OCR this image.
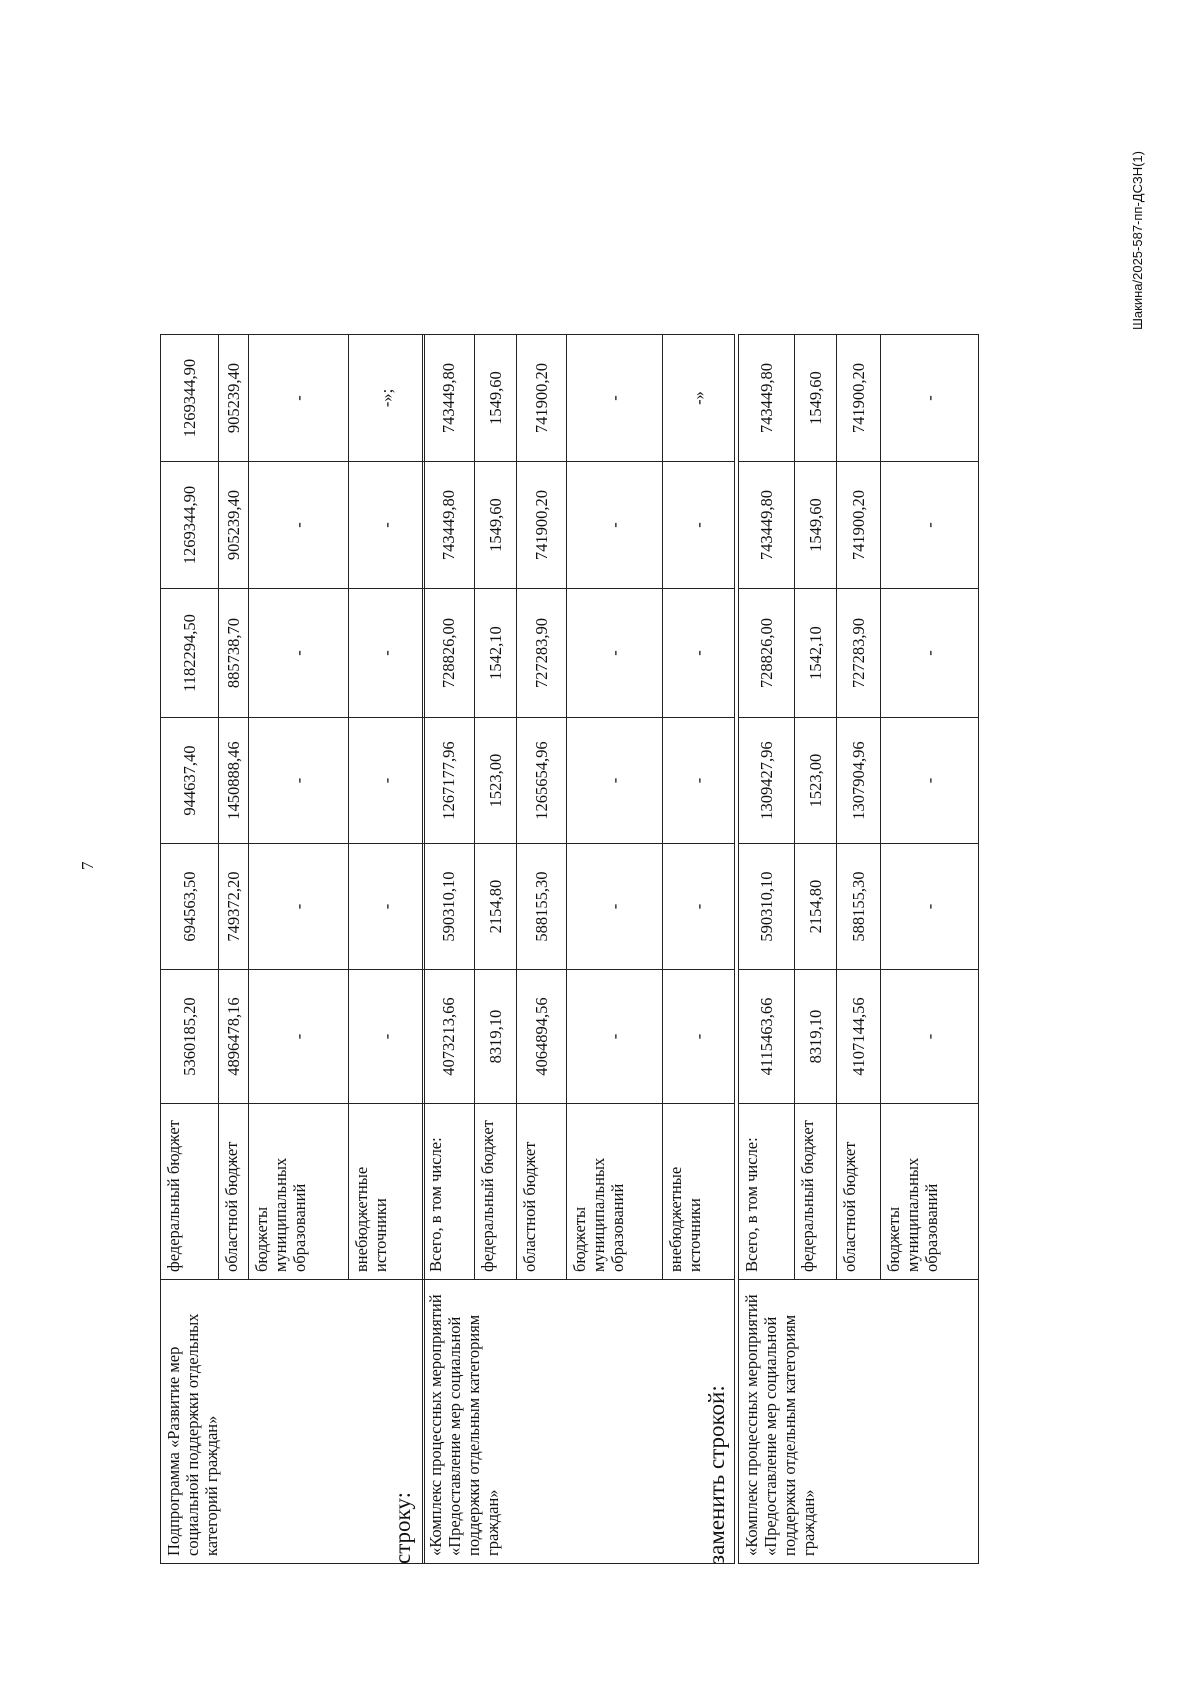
7
Подпрограмма «Развитие мер социальной поддержки отдельных категорий граждан»	федеральный бюджет	5360185,20	694563,50	944637,40	1182294,50	1269344,90	1269344,90
	областной бюджет	4896478,16	749372,20	1450888,46	885738,70	905239,40	905239,40
	бюджеты муниципальных образований	-	-	-	-	-	-
	внебюджетные источники	-	-	-	-	-	-»;
строку: «Комплекс процессных мероприятий «Предоставление мер социальной поддержки отдельным категориям граждан»	Всего, в том числе:	4073213,66	590310,10	1267177,96	728826,00	743449,80	743449,80
	федеральный бюджет	8319,10	2154,80	1523,00	1542,10	1549,60	1549,60
	областной бюджет	4064894,56	588155,30	1265654,96	727283,90	741900,20	741900,20
	бюджеты муниципальных образований	-	-	-	-	-	-
	внебюджетные источники	-	-	-	-	-	-»
заменить строкой: «Комплекс процессных мероприятий «Предоставление мер социальной поддержки отдельным категориям граждан»	Всего, в том числе:	4115463,66	590310,10	1309427,96	728826,00	743449,80	743449,80
	федеральный бюджет	8319,10	2154,80	1523,00	1542,10	1549,60	1549,60
	областной бюджет	4107144,56	588155,30	1307904,96	727283,90	741900,20	741900,20
	бюджеты муниципальных образований	-	-	-	-	-	-
Шакина/2025-587-пп-ДСЗН(1)
